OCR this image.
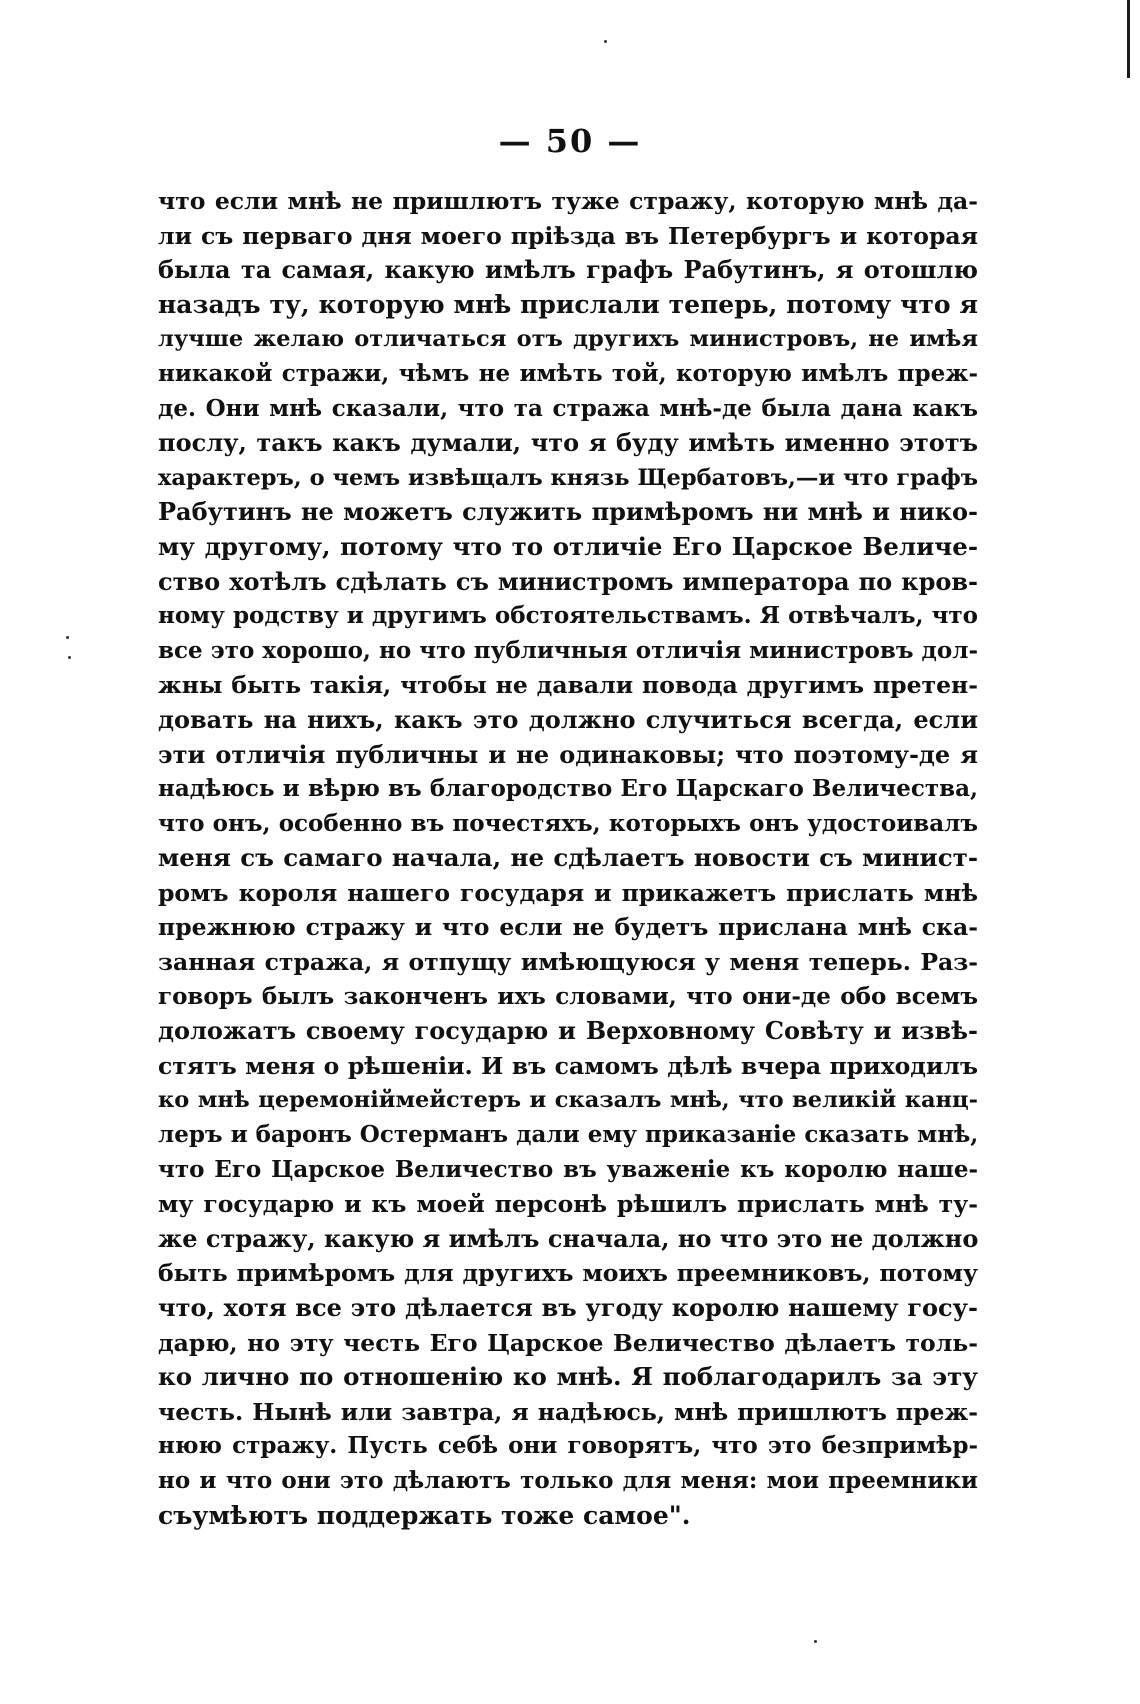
— 50 —
что если мнѣ не пришлютъ туже стражу, которую мнѣ да-
ли съ перваго дня моего пріѣзда въ Петербургъ и которая
была та самая, какую имѣлъ графъ Рабутинъ, я отошлю
назадъ ту, которую мнѣ прислали теперь, потому что я
лучше желаю отличаться отъ другихъ министровъ, не имѣя
никакой стражи, чѣмъ не имѣть той, которую имѣлъ преж-
де. Они мнѣ сказали, что та стража мнѣ-де была дана какъ
послу, такъ какъ думали, что я буду имѣть именно этотъ
характеръ, о чемъ извѣщалъ князь Щербатовъ,—и что графъ
Рабутинъ не можетъ служить примѣромъ ни мнѣ и нико-
му другому, потому что то отличіе Его Царское Величе-
ство хотѣлъ сдѣлать съ министромъ императора по кров-
ному родству и другимъ обстоятельствамъ. Я отвѣчалъ, что
все это хорошо, но что публичныя отличія министровъ дол-
жны быть такія, чтобы не давали повода другимъ претен-
довать на нихъ, какъ это должно случиться всегда, если
эти отличія публичны и не одинаковы; что поэтому-де я
надѣюсь и вѣрю въ благородство Его Царскаго Величества,
что онъ, особенно въ почестяхъ, которыхъ онъ удостоивалъ
меня съ самаго начала, не сдѣлаетъ новости съ минист-
ромъ короля нашего государя и прикажетъ прислать мнѣ
прежнюю стражу и что если не будетъ прислана мнѣ ска-
занная стража, я отпущу имѣющуюся у меня теперь. Раз-
говоръ былъ законченъ ихъ словами, что они-де обо всемъ
доложатъ своему государю и Верховному Совѣту и извѣ-
стятъ меня о рѣшеніи. И въ самомъ дѣлѣ вчера приходилъ
ко мнѣ церемоніймейстеръ и сказалъ мнѣ, что великій канц-
леръ и баронъ Остерманъ дали ему приказаніе сказать мнѣ,
что Его Царское Величество въ уваженіе къ королю наше-
му государю и къ моей персонѣ рѣшилъ прислать мнѣ ту-
же стражу, какую я имѣлъ сначала, но что это не должно
быть примѣромъ для другихъ моихъ преемниковъ, потому
что, хотя все это дѣлается въ угоду королю нашему госу-
дарю, но эту честь Его Царское Величество дѣлаетъ толь-
ко лично по отношенію ко мнѣ. Я поблагодарилъ за эту
честь. Нынѣ или завтра, я надѣюсь, мнѣ пришлютъ преж-
нюю стражу. Пусть себѣ они говорятъ, что это безпримѣр-
но и что они это дѣлаютъ только для меня: мои преемники
съумѣютъ поддержать тоже самое".
